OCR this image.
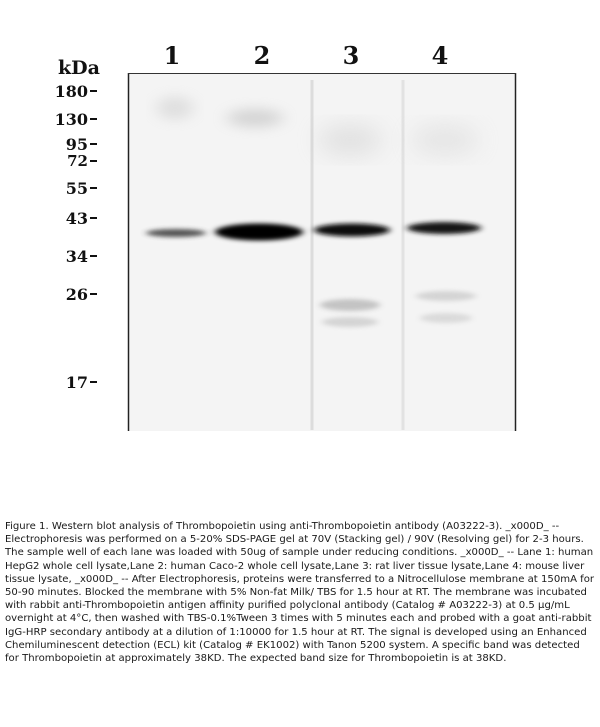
kDa	1	2	3	4
180
130
95
72
55
43
34
26
17
Figure 1. Western blot analysis of Thrombopoietin using anti-Thrombopoietin antibody (A03222-3). _x000D_ -- Electrophoresis was performed on a 5-20% SDS-PAGE gel at 70V (Stacking gel) / 90V (Resolving gel) for 2-3 hours. The sample well of each lane was loaded with 50ug of sample under reducing conditions. _x000D_ -- Lane 1: human HepG2 whole cell lysate,Lane 2: human Caco-2 whole cell lysate,Lane 3: rat liver tissue lysate,Lane 4: mouse liver tissue lysate, _x000D_ -- After Electrophoresis, proteins were transferred to a Nitrocellulose membrane at 150mA for 50-90 minutes. Blocked the membrane with 5% Non-fat Milk/ TBS for 1.5 hour at RT. The membrane was incubated with rabbit anti-Thrombopoietin antigen affinity purified polyclonal antibody (Catalog # A03222-3) at 0.5 μg/mL overnight at 4°C, then washed with TBS-0.1%Tween 3 times with 5 minutes each and probed with a goat anti-rabbit IgG-HRP secondary antibody at a dilution of 1:10000 for 1.5 hour at RT. The signal is developed using an Enhanced Chemiluminescent detection (ECL) kit (Catalog # EK1002) with Tanon 5200 system. A specific band was detected for Thrombopoietin at approximately 38KD. The expected band size for Thrombopoietin is at 38KD.
